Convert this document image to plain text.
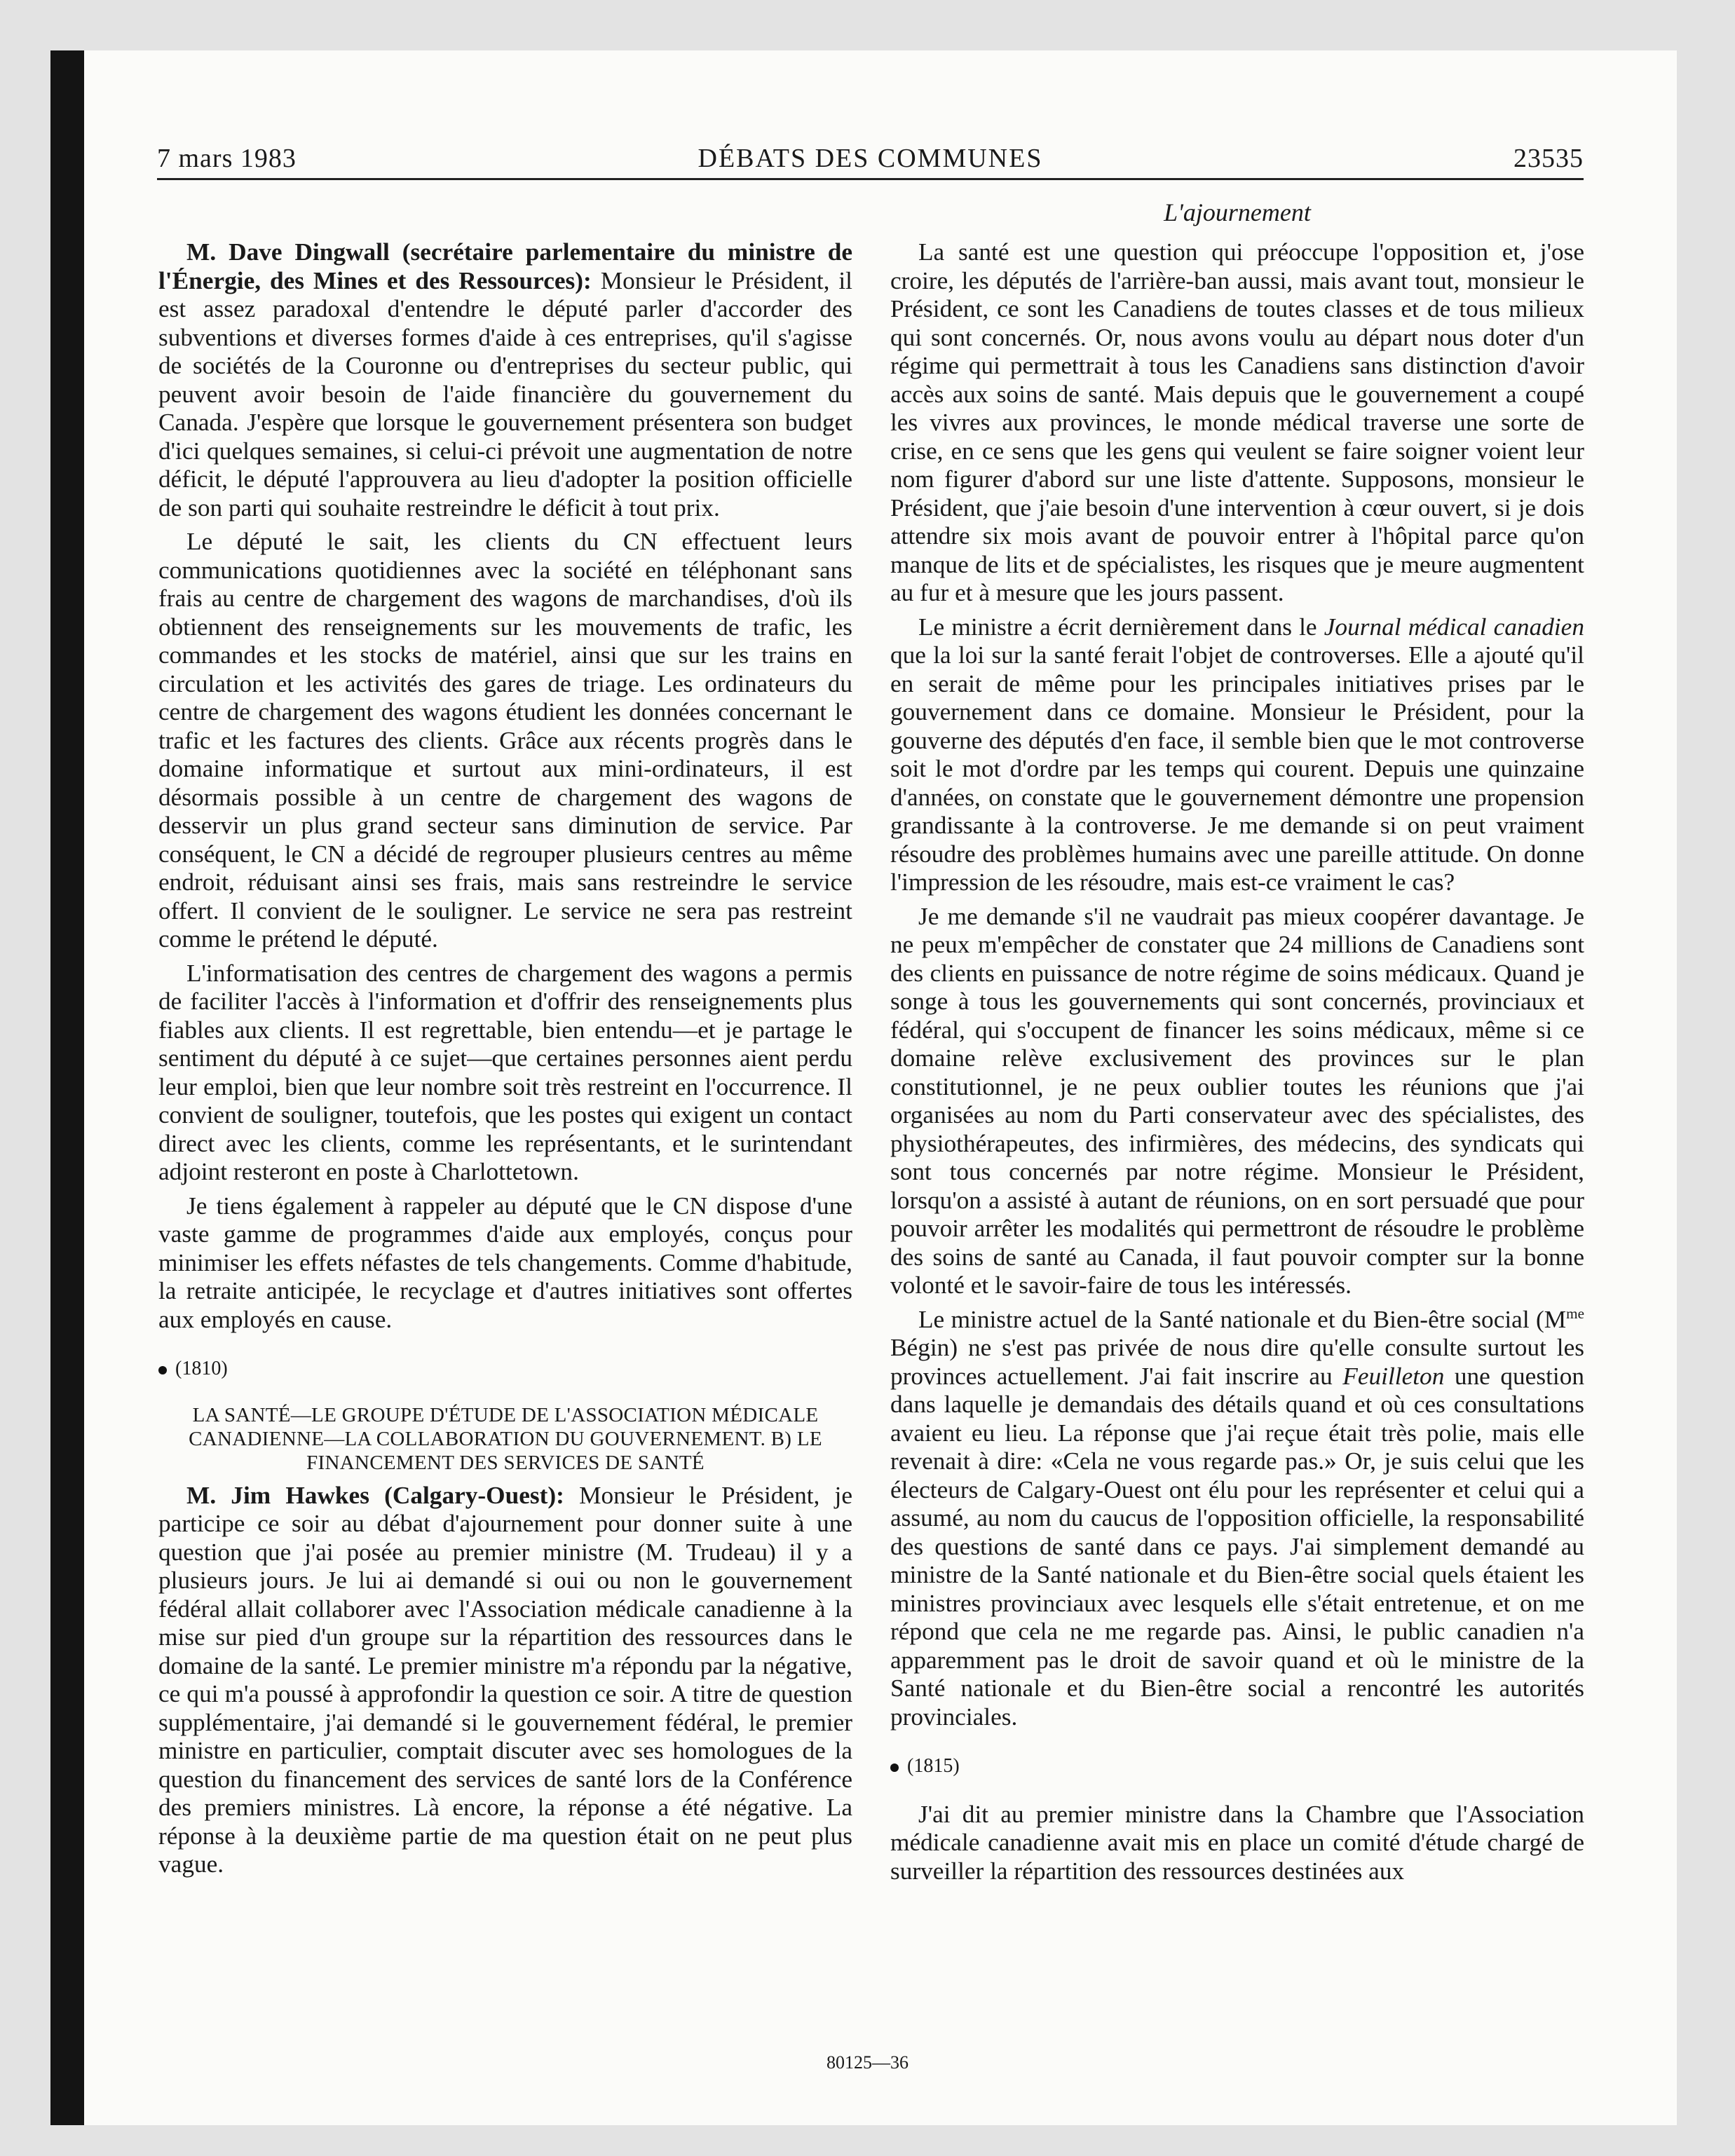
7 mars 1983	DÉBATS DES COMMUNES	23535
L'ajournement

M. Dave Dingwall (secrétaire parlementaire du ministre de l'Énergie, des Mines et des Ressources): Monsieur le Président, il est assez paradoxal d'entendre le député parler d'accorder des subventions et diverses formes d'aide à ces entreprises, qu'il s'agisse de sociétés de la Couronne ou d'entreprises du secteur public, qui peuvent avoir besoin de l'aide financière du gouvernement du Canada. J'espère que lorsque le gouvernement présentera son budget d'ici quelques semaines, si celui-ci prévoit une augmentation de notre déficit, le député l'approuvera au lieu d'adopter la position officielle de son parti qui souhaite restreindre le déficit à tout prix.

Le député le sait, les clients du CN effectuent leurs communications quotidiennes avec la société en téléphonant sans frais au centre de chargement des wagons de marchandises, d'où ils obtiennent des renseignements sur les mouvements de trafic, les commandes et les stocks de matériel, ainsi que sur les trains en circulation et les activités des gares de triage. Les ordinateurs du centre de chargement des wagons étudient les données concernant le trafic et les factures des clients. Grâce aux récents progrès dans le domaine informatique et surtout aux mini-ordinateurs, il est désormais possible à un centre de chargement des wagons de desservir un plus grand secteur sans diminution de service. Par conséquent, le CN a décidé de regrouper plusieurs centres au même endroit, réduisant ainsi ses frais, mais sans restreindre le service offert. Il convient de le souligner. Le service ne sera pas restreint comme le prétend le député.

L'informatisation des centres de chargement des wagons a permis de faciliter l'accès à l'information et d'offrir des renseignements plus fiables aux clients. Il est regrettable, bien entendu—et je partage le sentiment du député à ce sujet—que certaines personnes aient perdu leur emploi, bien que leur nombre soit très restreint en l'occurrence. Il convient de souligner, toutefois, que les postes qui exigent un contact direct avec les clients, comme les représentants, et le surintendant adjoint resteront en poste à Charlottetown.

Je tiens également à rappeler au député que le CN dispose d'une vaste gamme de programmes d'aide aux employés, conçus pour minimiser les effets néfastes de tels changements. Comme d'habitude, la retraite anticipée, le recyclage et d'autres initiatives sont offertes aux employés en cause.

(1810)
LA SANTÉ—LE GROUPE D'ÉTUDE DE L'ASSOCIATION MÉDICALE CANADIENNE—LA COLLABORATION DU GOUVERNEMENT. B) LE FINANCEMENT DES SERVICES DE SANTÉ

M. Jim Hawkes (Calgary-Ouest): Monsieur le Président, je participe ce soir au débat d'ajournement pour donner suite à une question que j'ai posée au premier ministre (M. Trudeau) il y a plusieurs jours. Je lui ai demandé si oui ou non le gouvernement fédéral allait collaborer avec l'Association médicale canadienne à la mise sur pied d'un groupe sur la répartition des ressources dans le domaine de la santé. Le premier ministre m'a répondu par la négative, ce qui m'a poussé à approfondir la question ce soir. A titre de question supplémentaire, j'ai demandé si le gouvernement fédéral, le premier ministre en particulier, comptait discuter avec ses homologues de la question du financement des services de santé lors de la Conférence des premiers ministres. Là encore, la réponse a été négative. La réponse à la deuxième partie de ma question était on ne peut plus vague.

La santé est une question qui préoccupe l'opposition et, j'ose croire, les députés de l'arrière-ban aussi, mais avant tout, monsieur le Président, ce sont les Canadiens de toutes classes et de tous milieux qui sont concernés. Or, nous avons voulu au départ nous doter d'un régime qui permettrait à tous les Canadiens sans distinction d'avoir accès aux soins de santé. Mais depuis que le gouvernement a coupé les vivres aux provinces, le monde médical traverse une sorte de crise, en ce sens que les gens qui veulent se faire soigner voient leur nom figurer d'abord sur une liste d'attente. Supposons, monsieur le Président, que j'aie besoin d'une intervention à cœur ouvert, si je dois attendre six mois avant de pouvoir entrer à l'hôpital parce qu'on manque de lits et de spécialistes, les risques que je meure augmentent au fur et à mesure que les jours passent.

Le ministre a écrit dernièrement dans le Journal médical canadien que la loi sur la santé ferait l'objet de controverses. Elle a ajouté qu'il en serait de même pour les principales initiatives prises par le gouvernement dans ce domaine. Monsieur le Président, pour la gouverne des députés d'en face, il semble bien que le mot controverse soit le mot d'ordre par les temps qui courent. Depuis une quinzaine d'années, on constate que le gouvernement démontre une propension grandissante à la controverse. Je me demande si on peut vraiment résoudre des problèmes humains avec une pareille attitude. On donne l'impression de les résoudre, mais est-ce vraiment le cas?

Je me demande s'il ne vaudrait pas mieux coopérer davantage. Je ne peux m'empêcher de constater que 24 millions de Canadiens sont des clients en puissance de notre régime de soins médicaux. Quand je songe à tous les gouvernements qui sont concernés, provinciaux et fédéral, qui s'occupent de financer les soins médicaux, même si ce domaine relève exclusivement des provinces sur le plan constitutionnel, je ne peux oublier toutes les réunions que j'ai organisées au nom du Parti conservateur avec des spécialistes, des physiothérapeutes, des infirmières, des médecins, des syndicats qui sont tous concernés par notre régime. Monsieur le Président, lorsqu'on a assisté à autant de réunions, on en sort persuadé que pour pouvoir arrêter les modalités qui permettront de résoudre le problème des soins de santé au Canada, il faut pouvoir compter sur la bonne volonté et le savoir-faire de tous les intéressés.

Le ministre actuel de la Santé nationale et du Bien-être social ($M^{me}$ Bégin) ne s'est pas privée de nous dire qu'elle consulte surtout les provinces actuellement. J'ai fait inscrire au Feuilleton une question dans laquelle je demandais des détails quand et où ces consultations avaient eu lieu. La réponse que j'ai reçue était très polie, mais elle revenait à dire: «Cela ne vous regarde pas.» Or, je suis celui que les électeurs de Calgary-Ouest ont élu pour les représenter et celui qui a assumé, au nom du caucus de l'opposition officielle, la responsabilité des questions de santé dans ce pays. J'ai simplement demandé au ministre de la Santé nationale et du Bien-être social quels étaient les ministres provinciaux avec lesquels elle s'était entretenue, et on me répond que cela ne me regarde pas. Ainsi, le public canadien n'a apparemment pas le droit de savoir quand et où le ministre de la Santé nationale et du Bien-être social a rencontré les autorités provinciales.

(1815)

J'ai dit au premier ministre dans la Chambre que l'Association médicale canadienne avait mis en place un comité d'étude chargé de surveiller la répartition des ressources destinées aux

80125—36
